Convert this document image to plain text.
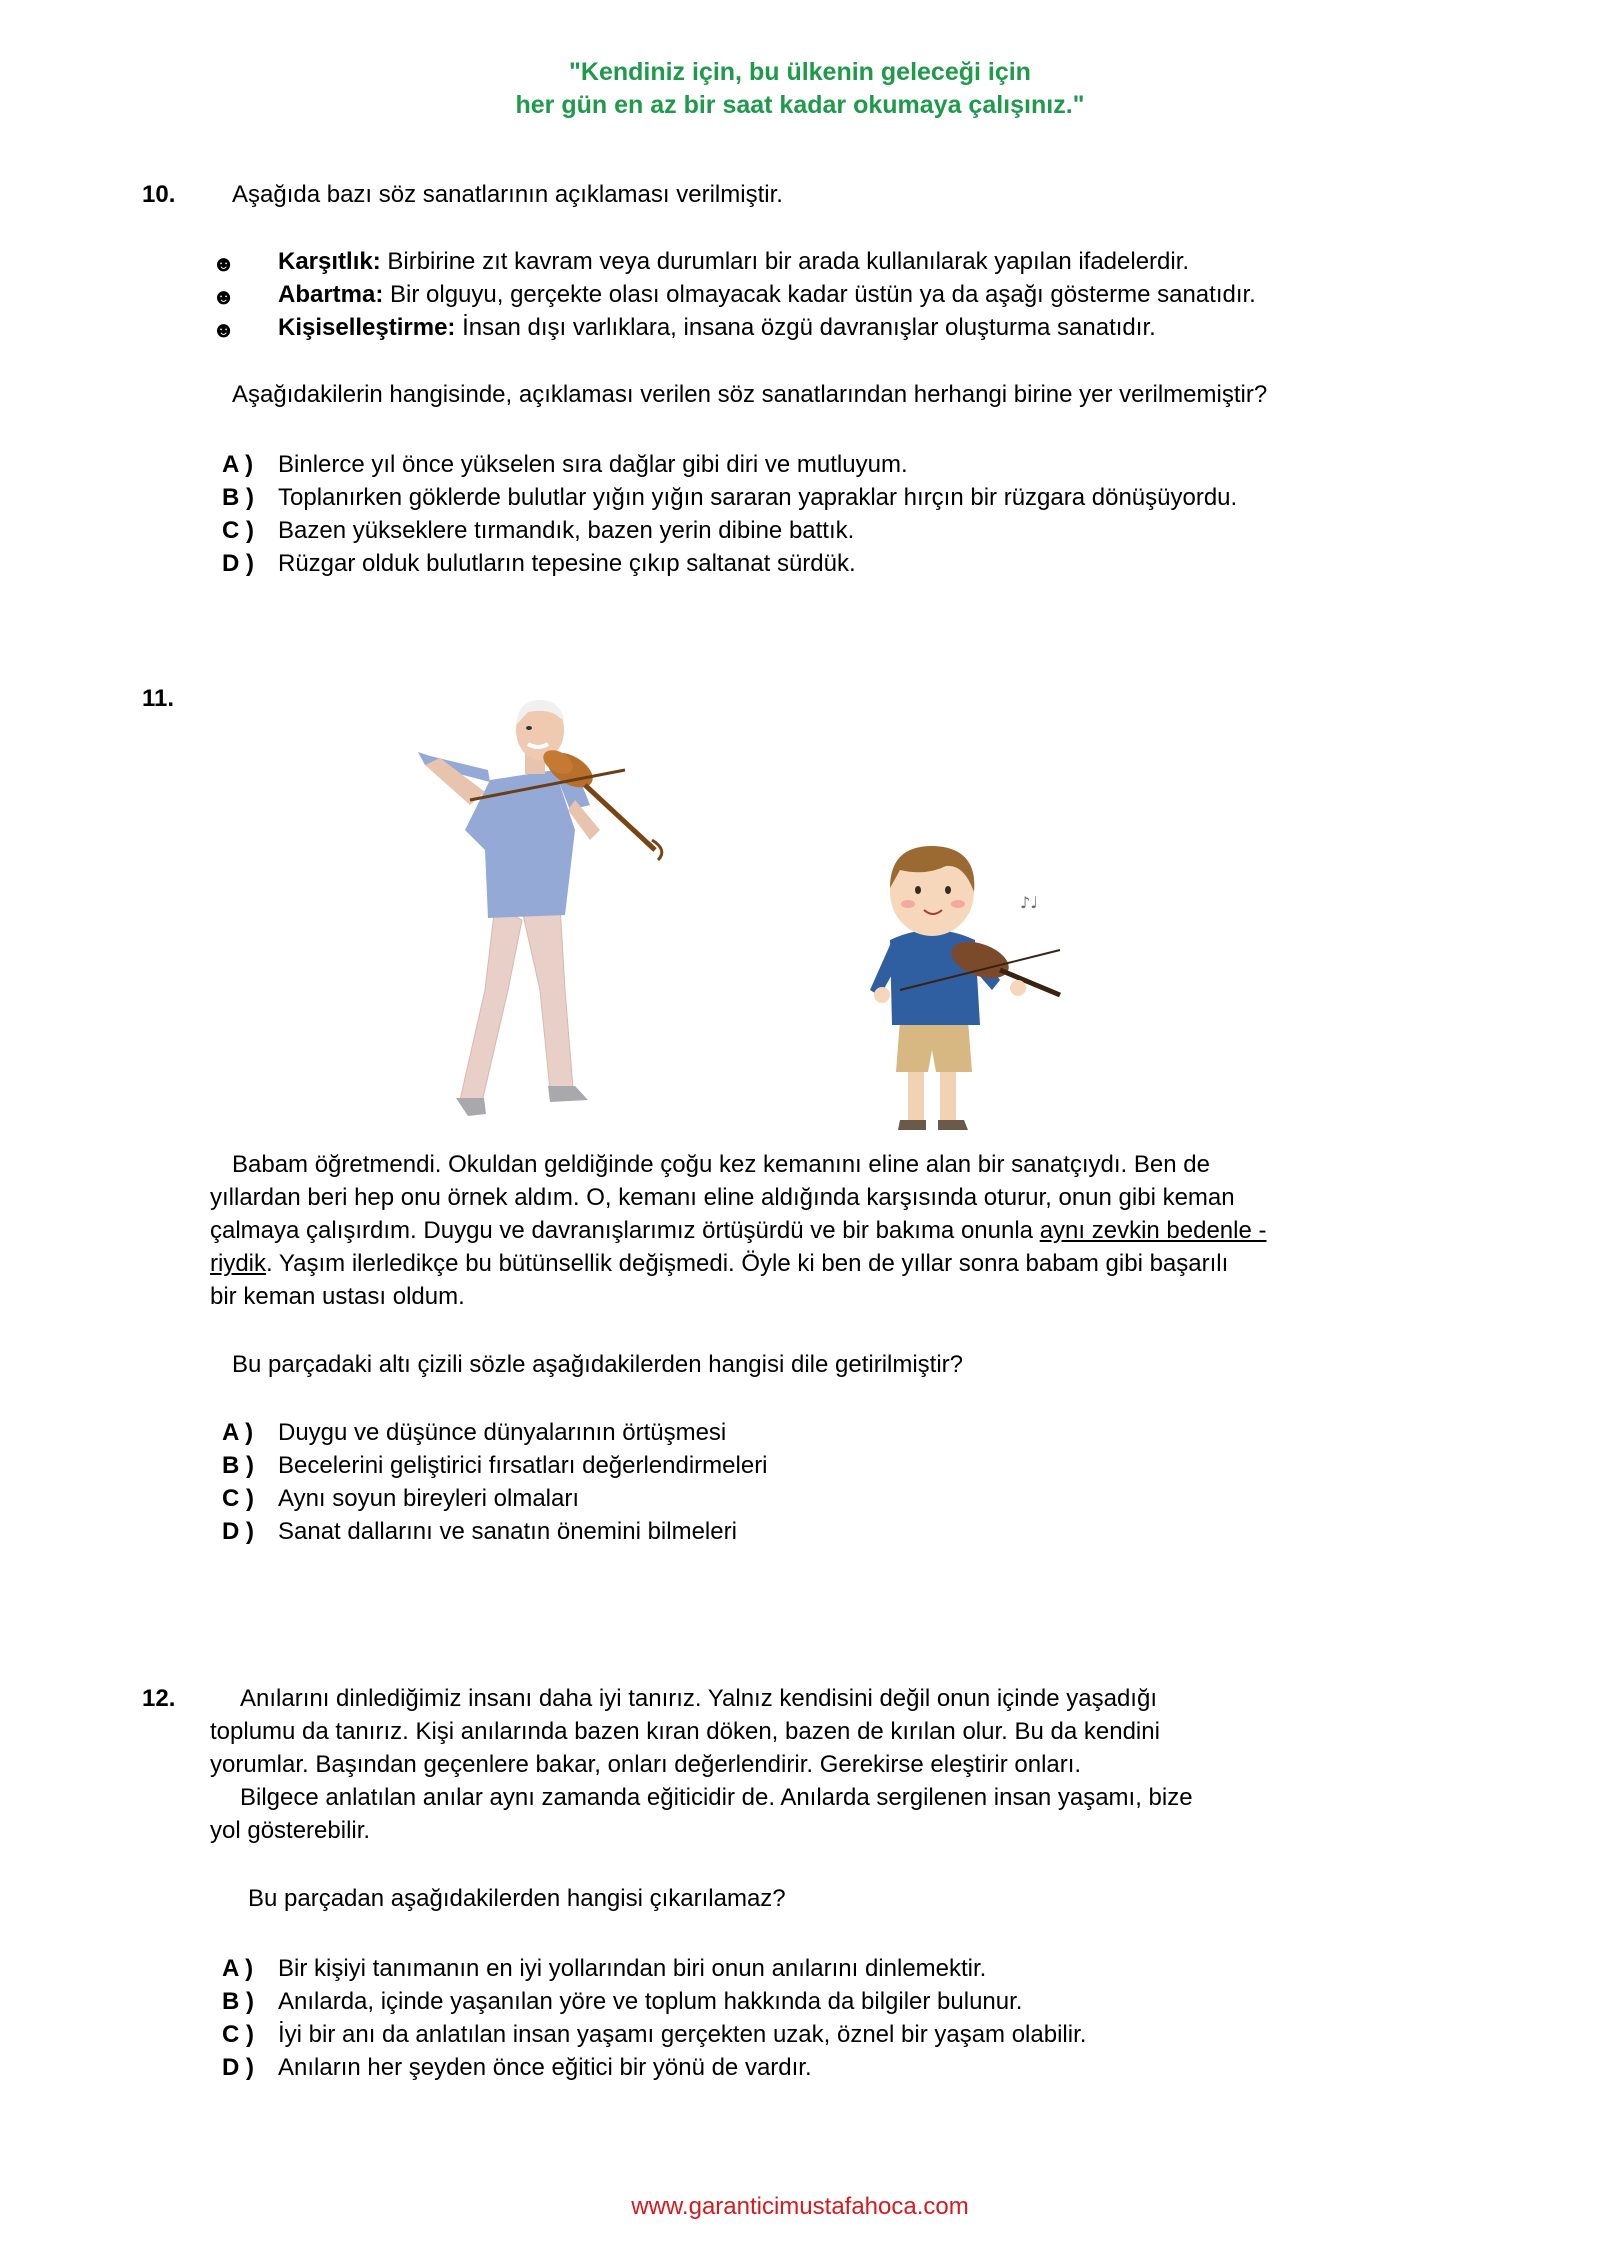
"Kendiniz için, bu ülkenin geleceği için
her gün en az bir saat kadar okumaya çalışınız."
10. Aşağıda bazı söz sanatlarının açıklaması verilmiştir.
☻ Karşıtlık: Birbirine zıt kavram veya durumları bir arada kullanılarak yapılan ifadelerdir.
☻ Abartma: Bir olguyu, gerçekte olası olmayacak kadar üstün ya da aşağı gösterme sanatıdır.
☻ Kişiselleştirme: İnsan dışı varlıklara, insana özgü davranışlar oluşturma sanatıdır.
Aşağıdakilerin hangisinde, açıklaması verilen söz sanatlarından herhangi birine yer verilmemiştir?
A ) Binlerce yıl önce yükselen sıra dağlar gibi diri ve mutluyum.
B ) Toplanırken göklerde bulutlar yığın yığın sararan yapraklar hırçın bir rüzgara dönüşüyordu.
C ) Bazen yükseklere tırmandık, bazen yerin dibine battık.
D ) Rüzgar olduk bulutların tepesine çıkıp saltanat sürdük.
11.
♪♩
Babam öğretmendi. Okuldan geldiğinde çoğu kez kemanını eline alan bir sanatçıydı. Ben de
yıllardan beri hep onu örnek aldım. O, kemanı eline aldığında karşısında oturur, onun gibi keman
çalmaya çalışırdım. Duygu ve davranışlarımız örtüşürdü ve bir bakıma onunla aynı zevkin bedenle -
riydik. Yaşım ilerledikçe bu bütünsellik değişmedi. Öyle ki ben de yıllar sonra babam gibi başarılı
bir keman ustası oldum.
Bu parçadaki altı çizili sözle aşağıdakilerden hangisi dile getirilmiştir?
A ) Duygu ve düşünce dünyalarının örtüşmesi
B ) Becelerini geliştirici fırsatları değerlendirmeleri
C ) Aynı soyun bireyleri olmaları
D ) Sanat dallarını ve sanatın önemini bilmeleri
12.	Anılarını dinlediğimiz insanı daha iyi tanırız. Yalnız kendisini değil onun içinde yaşadığı
toplumu da tanırız. Kişi anılarında bazen kıran döken, bazen de kırılan olur. Bu da kendini
yorumlar. Başından geçenlere bakar, onları değerlendirir. Gerekirse eleştirir onları.
Bilgece anlatılan anılar aynı zamanda eğiticidir de. Anılarda sergilenen insan yaşamı, bize
yol gösterebilir.
Bu parçadan aşağıdakilerden hangisi çıkarılamaz?
A ) Bir kişiyi tanımanın en iyi yollarından biri onun anılarını dinlemektir.
B ) Anılarda, içinde yaşanılan yöre ve toplum hakkında da bilgiler bulunur.
C ) İyi bir anı da anlatılan insan yaşamı gerçekten uzak, öznel bir yaşam olabilir.
D ) Anıların her şeyden önce eğitici bir yönü de vardır.
www.garanticimustafahoca.com
